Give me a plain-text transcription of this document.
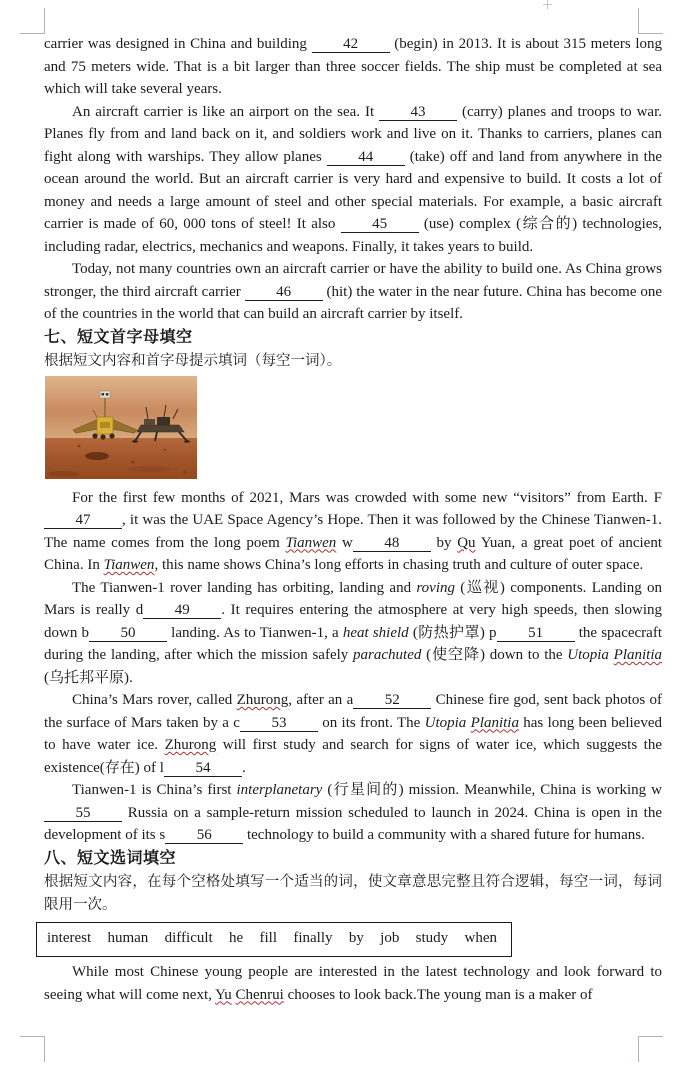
carrier was designed in China and building 42 (begin) in 2013. It is about 315 meters long and 75 meters wide. That is a bit larger than three soccer fields. The ship must be completed at sea which will take several years.

An aircraft carrier is like an airport on the sea. It 43 (carry) planes and troops to war. Planes fly from and land back on it, and soldiers work and live on it. Thanks to carriers, planes can fight along with warships. They allow planes 44 (take) off and land from anywhere in the ocean around the world. But an aircraft carrier is very hard and expensive to build. It costs a lot of money and needs a large amount of steel and other special materials. For example, a basic aircraft carrier is made of 60, 000 tons of steel! It also 45 (use) complex (综合的) technologies, including radar, electrics, mechanics and weapons. Finally, it takes years to build.

Today, not many countries own an aircraft carrier or have the ability to build one. As China grows stronger, the third aircraft carrier 46 (hit) the water in the near future. China has become one of the countries in the world that can build an aircraft carrier by itself.

七、短文首字母填空
根据短文内容和首字母提示填词（每空一词）。

For the first few months of 2021, Mars was crowded with some new “visitors” from Earth. F47 , it was the UAE Space Agency’s Hope. Then it was followed by the Chinese Tianwen-1. The name comes from the long poem Tianwen w 48 by Qu Yuan, a great poet of ancient China. In Tianwen, this name shows China’s long efforts in chasing truth and culture of outer space.

The Tianwen-1 rover landing has orbiting, landing and roving (巡视) components. Landing on Mars is really d 49 . It requires entering the atmosphere at very high speeds, then slowing down b 50 landing. As to Tianwen-1, a heat shield (防热护罩) p 51 the spacecraft during the landing, after which the mission safely parachuted (使空降) down to the Utopia Planitia (乌托邦平原).

China’s Mars rover, called Zhurong, after an a 52 Chinese fire god, sent back photos of the surface of Mars taken by a c 53 on its front. The Utopia Planitia has long been believed to have water ice. Zhurong will first study and search for signs of water ice, which suggests the existence(存在) of l 54 .

Tianwen-1 is China’s first interplanetary (行星间的) mission. Meanwhile, China is working w55 Russia on a sample-return mission scheduled to launch in 2024. China is open in the development of its s 56 technology to build a community with a shared future for humans.

八、短文选词填空
根据短文内容，在每个空格处填写一个适当的词，使文章意思完整且符合逻辑，每空一词，每词限用一次。
interest human difficult he fill finally by job study when

While most Chinese young people are interested in the latest technology and look forward to seeing what will come next, Yu Chenrui chooses to look back.The young man is a maker of
